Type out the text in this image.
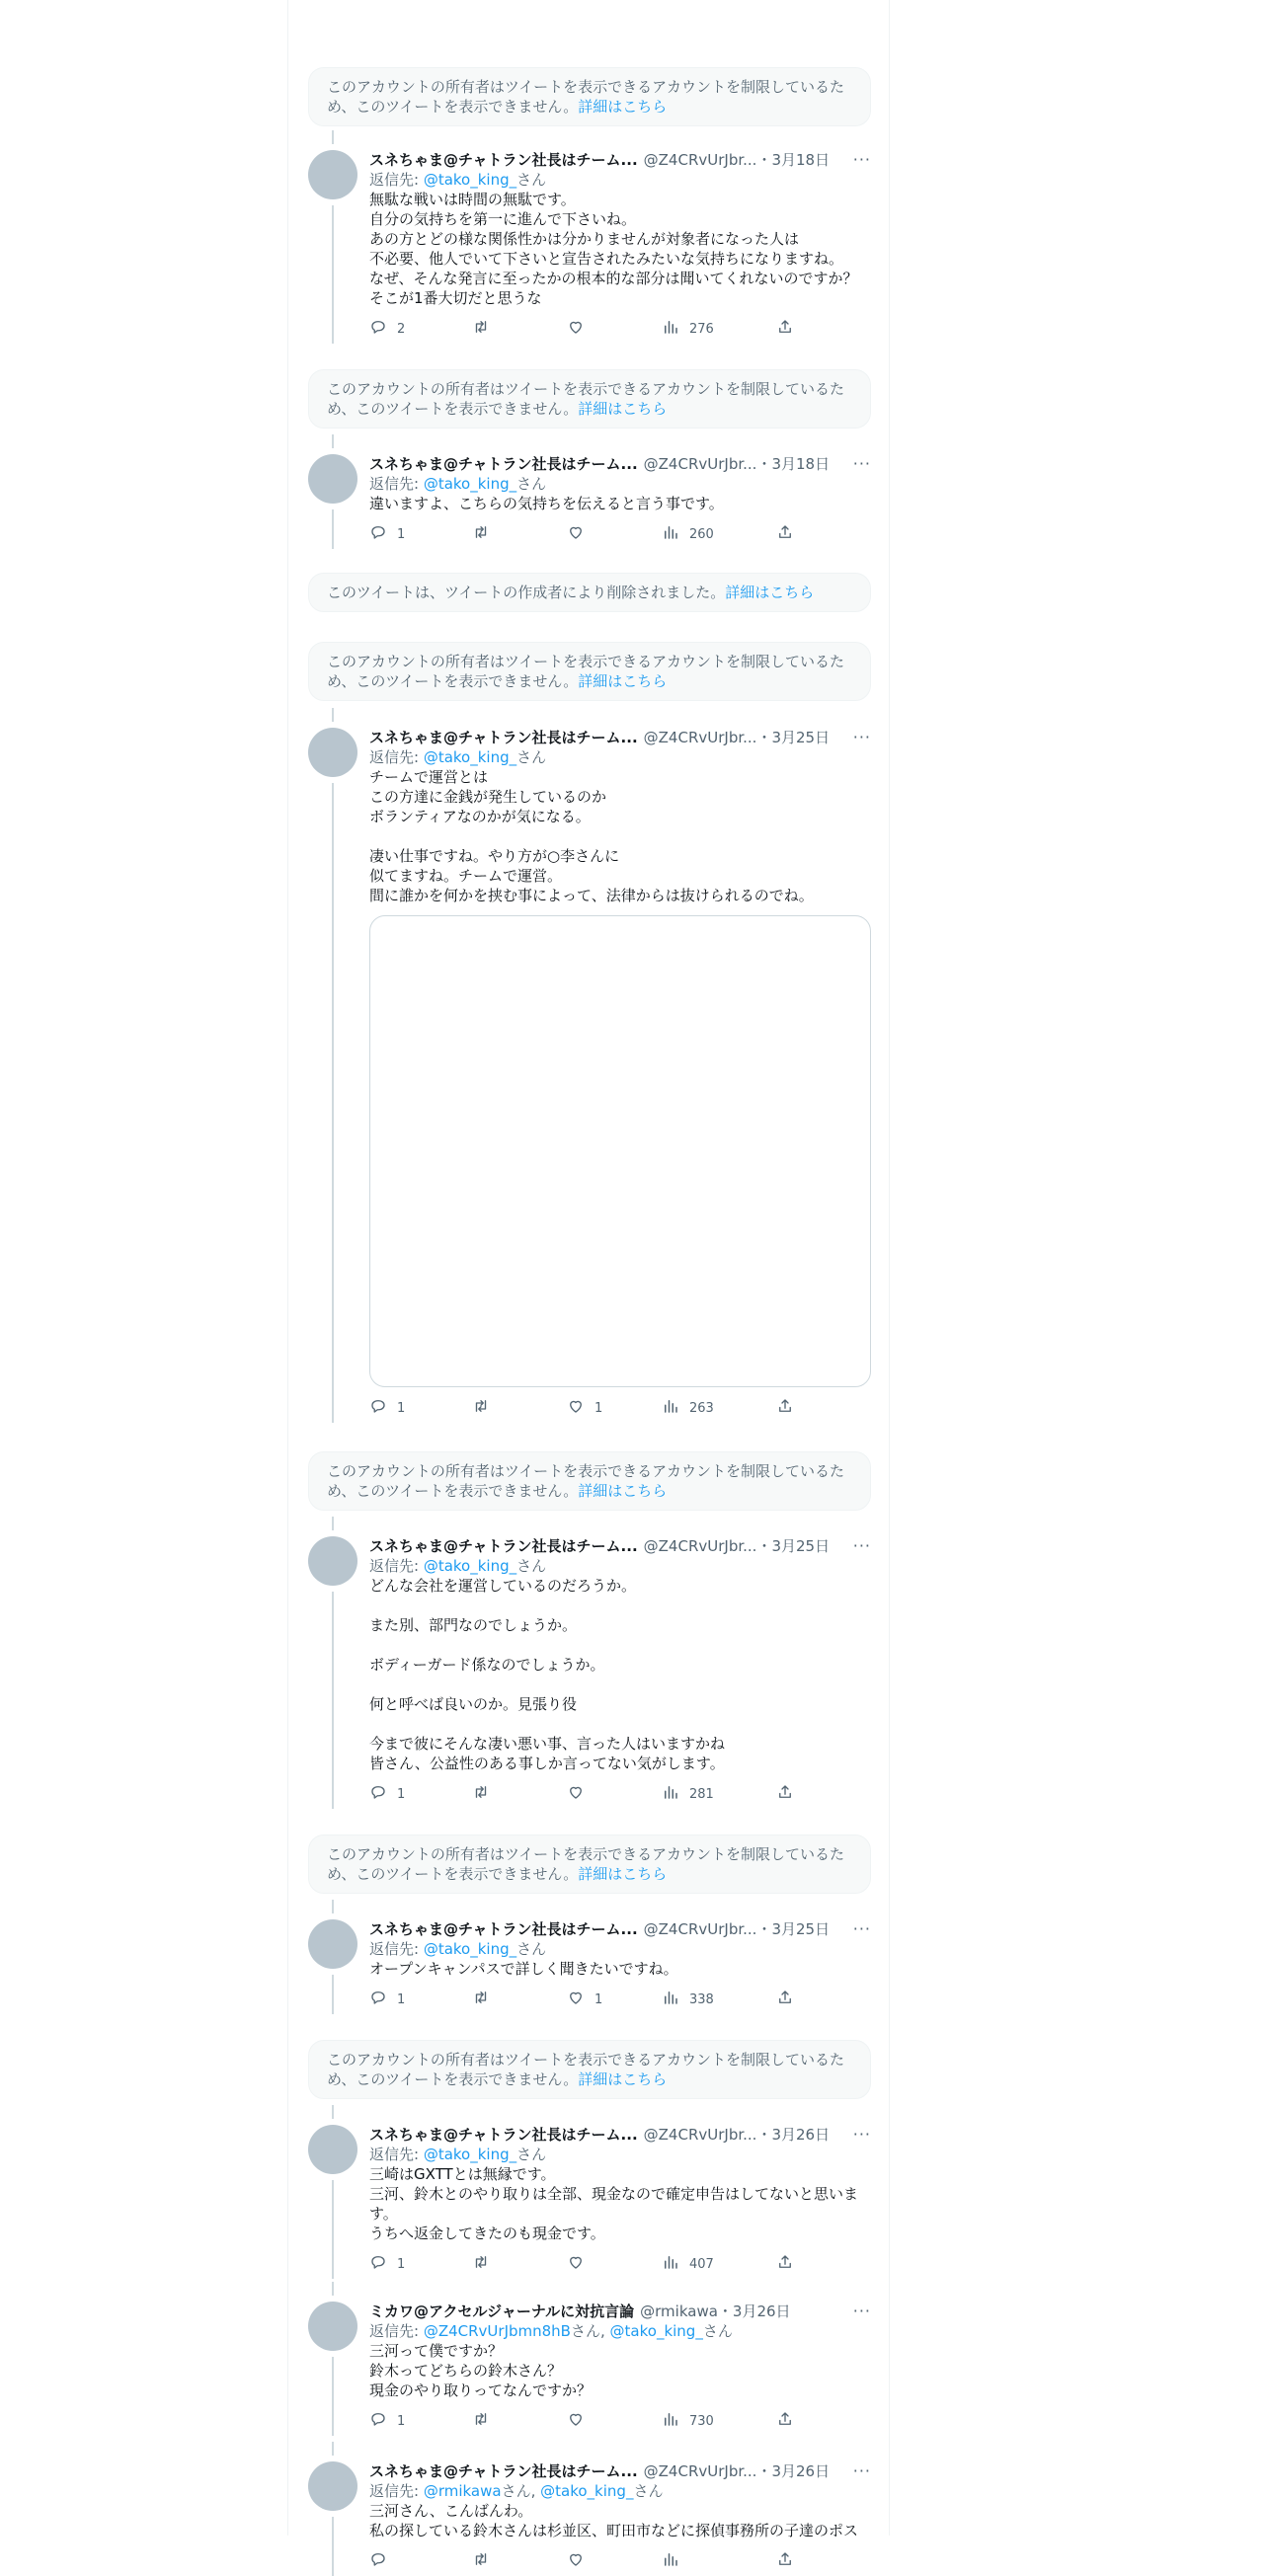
このアカウントの所有者はツイートを表示できるアカウントを制限しているため、このツイートを表示できません。詳細はこちら
スネちゃま@チャトラン社長はチーム... @Z4CRvUrJbr...・3月18日 ···
返信先: @tako_king_さん
無駄な戦いは時間の無駄です。
自分の気持ちを第一に進んで下さいね。
あの方とどの様な関係性かは分かりませんが対象者になった人は
不必要、他人でいて下さいと宣告されたみたいな気持ちになりますね。
なぜ、そんな発言に至ったかの根本的な部分は聞いてくれないのですか？
そこが1番大切だと思うな
2	276
このアカウントの所有者はツイートを表示できるアカウントを制限しているため、このツイートを表示できません。詳細はこちら
スネちゃま@チャトラン社長はチーム... @Z4CRvUrJbr...・3月18日 ···
返信先: @tako_king_さん
違いますよ、こちらの気持ちを伝えると言う事です。
1	260
このツイートは、ツイートの作成者により削除されました。詳細はこちら
このアカウントの所有者はツイートを表示できるアカウントを制限しているため、このツイートを表示できません。詳細はこちら
スネちゃま@チャトラン社長はチーム... @Z4CRvUrJbr...・3月25日 ···
返信先: @tako_king_さん
チームで運営とは
この方達に金銭が発生しているのか
ボランティアなのかが気になる。
凄い仕事ですね。やり方が○李さんに
似てますね。チームで運営。
間に誰かを何かを挟む事によって、法律からは抜けられるのでね。
1	1	263
このアカウントの所有者はツイートを表示できるアカウントを制限しているため、このツイートを表示できません。詳細はこちら
スネちゃま@チャトラン社長はチーム... @Z4CRvUrJbr...・3月25日 ···
返信先: @tako_king_さん
どんな会社を運営しているのだろうか。
また別、部門なのでしょうか。
ボディーガード係なのでしょうか。
何と呼べば良いのか。見張り役
今まで彼にそんな凄い悪い事、言った人はいますかね
皆さん、公益性のある事しか言ってない気がします。
1	281
このアカウントの所有者はツイートを表示できるアカウントを制限しているため、このツイートを表示できません。詳細はこちら
スネちゃま@チャトラン社長はチーム... @Z4CRvUrJbr...・3月25日 ···
返信先: @tako_king_さん
オープンキャンパスで詳しく聞きたいですね。
1	1	338
このアカウントの所有者はツイートを表示できるアカウントを制限しているため、このツイートを表示できません。詳細はこちら
スネちゃま@チャトラン社長はチーム... @Z4CRvUrJbr...・3月26日 ···
返信先: @tako_king_さん
三崎はGXTTとは無縁です。
三河、鈴木とのやり取りは全部、現金なので確定申告はしてないと思います。
うちへ返金してきたのも現金です。
1	407
ミカワ@アクセルジャーナルに対抗言論 @rmikawa・3月26日	···
返信先: @Z4CRvUrJbmn8hBさん, @tako_king_さん
三河って僕ですか？
鈴木ってどちらの鈴木さん？
現金のやり取りってなんですか？
1	730
スネちゃま@チャトラン社長はチーム... @Z4CRvUrJbr...・3月26日 ···
返信先: @rmikawaさん, @tako_king_さん
三河さん、こんばんわ。
私の探している鈴木さんは杉並区、町田市などに探偵事務所の子達のポス
